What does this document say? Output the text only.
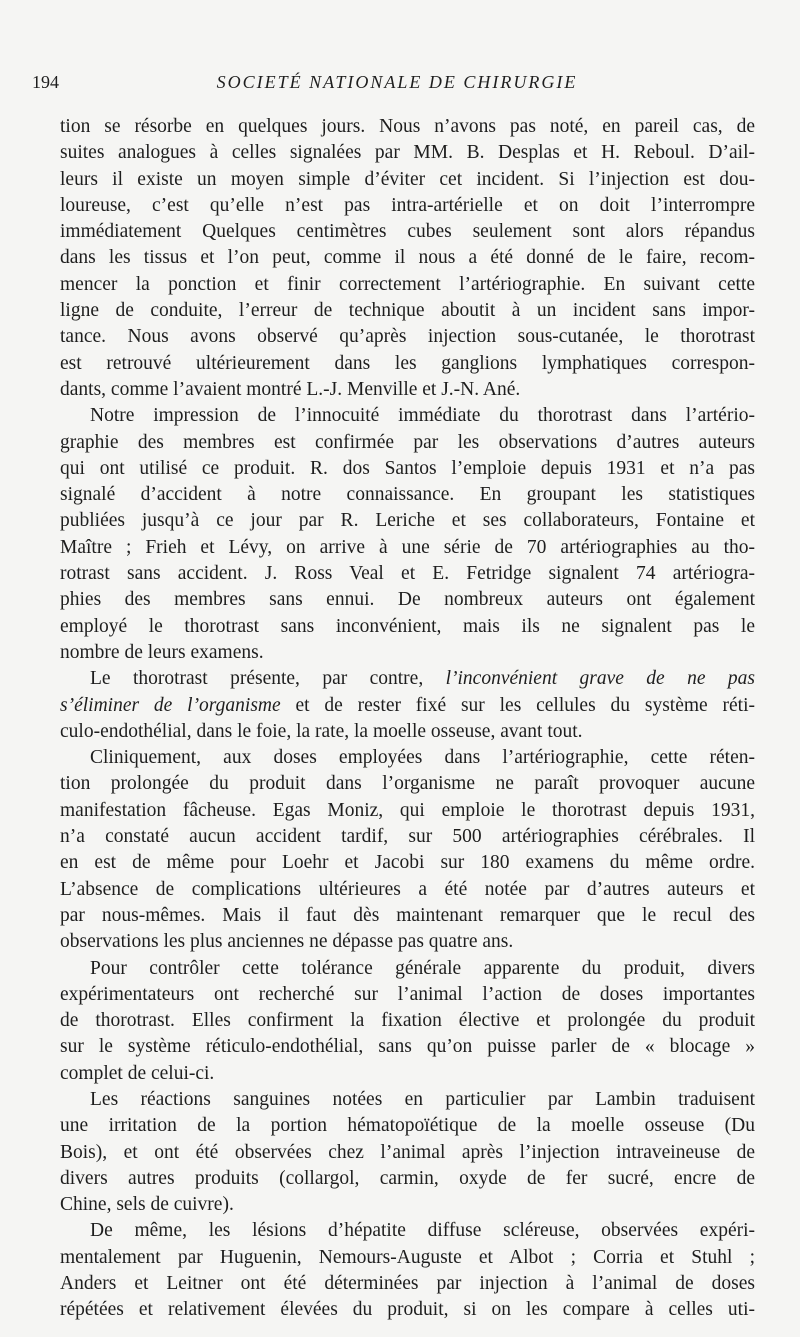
194	SOCIETÉ NATIONALE DE CHIRURGIE

tion se résorbe en quelques jours. Nous n’avons pas noté, en pareil cas, de
suites analogues à celles signalées par MM. B. Desplas et H. Reboul. D’ail-
leurs il existe un moyen simple d’éviter cet incident. Si l’injection est dou-
loureuse, c’est qu’elle n’est pas intra-artérielle et on doit l’interrompre
immédiatement Quelques centimètres cubes seulement sont alors répandus
dans les tissus et l’on peut, comme il nous a été donné de le faire, recom-
mencer la ponction et finir correctement l’artériographie. En suivant cette
ligne de conduite, l’erreur de technique aboutit à un incident sans impor-
tance. Nous avons observé qu’après injection sous-cutanée, le thorotrast
est retrouvé ultérieurement dans les ganglions lymphatiques correspon-
dants, comme l’avaient montré L.-J. Menville et J.-N. Ané.

Notre impression de l’innocuité immédiate du thorotrast dans l’artério-
graphie des membres est confirmée par les observations d’autres auteurs
qui ont utilisé ce produit. R. dos Santos l’emploie depuis 1931 et n’a pas
signalé d’accident à notre connaissance. En groupant les statistiques
publiées jusqu’à ce jour par R. Leriche et ses collaborateurs, Fontaine et
Maître ; Frieh et Lévy, on arrive à une série de 70 artériographies au tho-
rotrast sans accident. J. Ross Veal et E. Fetridge signalent 74 artériogra-
phies des membres sans ennui. De nombreux auteurs ont également
employé le thorotrast sans inconvénient, mais ils ne signalent pas le
nombre de leurs examens.

Le thorotrast présente, par contre, l’inconvénient grave de ne pas
s’éliminer de l’organisme et de rester fixé sur les cellules du système réti-
culo-endothélial, dans le foie, la rate, la moelle osseuse, avant tout.

Cliniquement, aux doses employées dans l’artériographie, cette réten-
tion prolongée du produit dans l’organisme ne paraît provoquer aucune
manifestation fâcheuse. Egas Moniz, qui emploie le thorotrast depuis 1931,
n’a constaté aucun accident tardif, sur 500 artériographies cérébrales. Il
en est de même pour Loehr et Jacobi sur 180 examens du même ordre.
L’absence de complications ultérieures a été notée par d’autres auteurs et
par nous-mêmes. Mais il faut dès maintenant remarquer que le recul des
observations les plus anciennes ne dépasse pas quatre ans.

Pour contrôler cette tolérance générale apparente du produit, divers
expérimentateurs ont recherché sur l’animal l’action de doses importantes
de thorotrast. Elles confirment la fixation élective et prolongée du produit
sur le système réticulo-endothélial, sans qu’on puisse parler de « blocage »
complet de celui-ci.

Les réactions sanguines notées en particulier par Lambin traduisent
une irritation de la portion hématopoïétique de la moelle osseuse (Du
Bois), et ont été observées chez l’animal après l’injection intraveineuse de
divers autres produits (collargol, carmin, oxyde de fer sucré, encre de
Chine, sels de cuivre).

De même, les lésions d’hépatite diffuse scléreuse, observées expéri-
mentalement par Huguenin, Nemours-Auguste et Albot ; Corria et Stuhl ;
Anders et Leitner ont été déterminées par injection à l’animal de doses
répétées et relativement élevées du produit, si on les compare à celles uti-
